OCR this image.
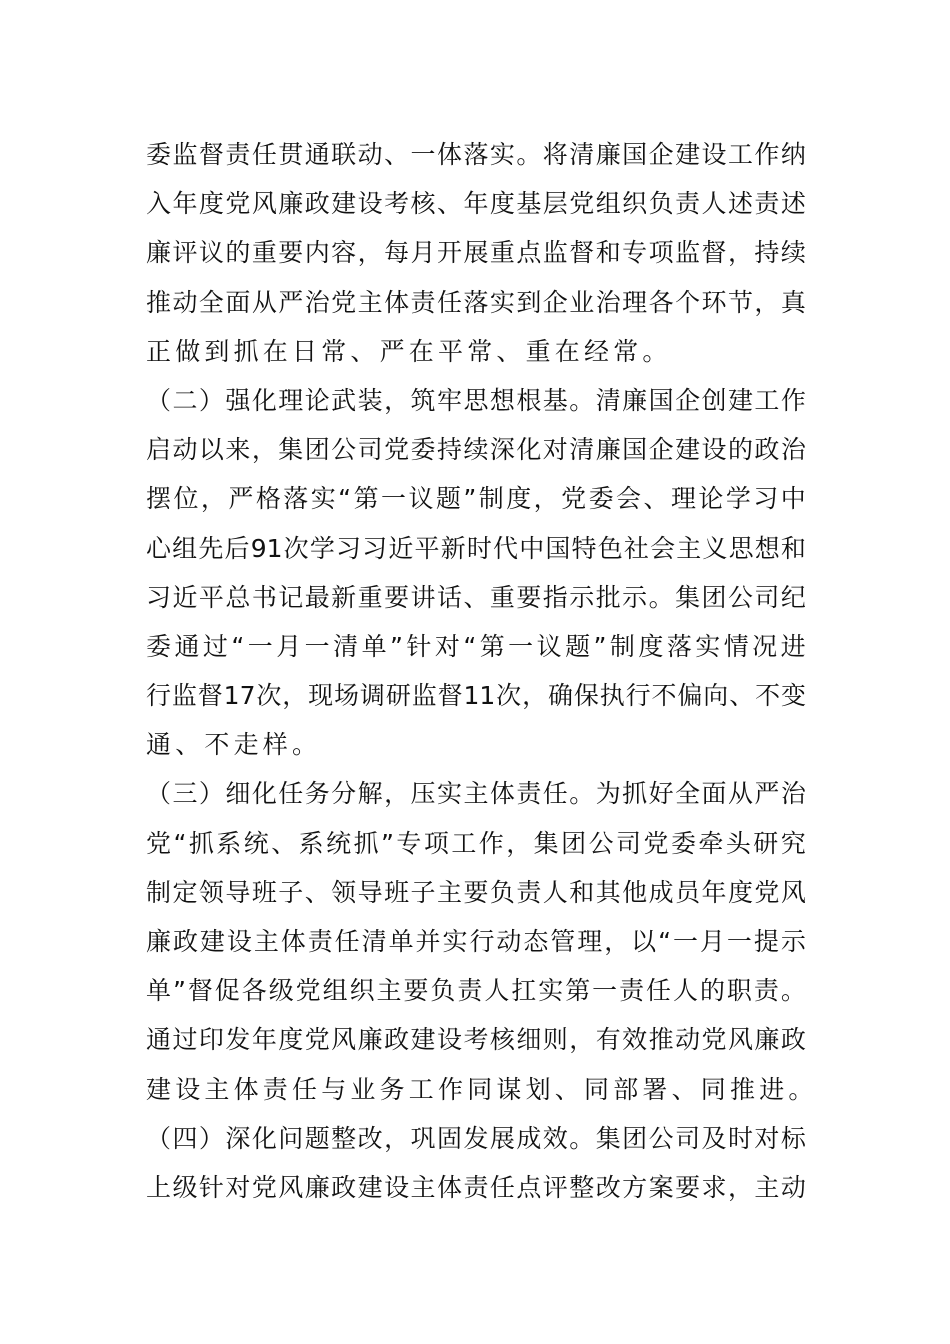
委 监 督 责 任 贯 通 联 动 、 一 体 落 实 。 将 清 廉 国 企 建 设 工 作 纳
入 年 度 党 风 廉 政 建 设 考 核 、 年 度 基 层 党 组 织 负 责 人 述 责 述
廉 评 议 的 重 要 内 容 ， 每 月 开 展 重 点 监 督 和 专 项 监 督 ， 持 续
推 动 全 面 从 严 治 党 主 体 责 任 落 实 到 企 业 治 理 各 个 环 节 ， 真
正做到抓在日常、严在平常、重在经常。
（ 二 ） 强 化 理 论 武 装 ， 筑 牢 思 想 根 基 。 清 廉 国 企 创 建 工 作
启 动 以 来 ， 集 团 公 司 党 委 持 续 深 化 对 清 廉 国 企 建 设 的 政 治
摆 位 ， 严 格 落 实 “ 第 一 议 题 ” 制 度 ， 党 委 会 、 理 论 学 习 中
心 组 先 后 91 次 学 习 习 近 平 新 时 代 中 国 特 色 社 会 主 义 思 想 和
习 近 平 总 书 记 最 新 重 要 讲 话 、 重 要 指 示 批 示 。 集 团 公 司 纪
委 通 过 “ 一 月 一 清 单 ” 针 对 “ 第 一 议 题 ” 制 度 落 实 情 况 进
行 监 督 17 次 ， 现 场 调 研 监 督 11 次 ， 确 保 执 行 不 偏 向 、 不 变
通、不走样。
（ 三 ） 细 化 任 务 分 解 ， 压 实 主 体 责 任 。 为 抓 好 全 面 从 严 治
党 “ 抓 系 统 、 系 统 抓 ” 专 项 工 作 ， 集 团 公 司 党 委 牵 头 研 究
制 定 领 导 班 子 、 领 导 班 子 主 要 负 责 人 和 其 他 成 员 年 度 党 风
廉 政 建 设 主 体 责 任 清 单 并 实 行 动 态 管 理 ， 以 “ 一 月 一 提 示
单 ” 督 促 各 级 党 组 织 主 要 负 责 人 扛 实 第 一 责 任 人 的 职 责 。
通 过 印 发 年 度 党 风 廉 政 建 设 考 核 细 则 ， 有 效 推 动 党 风 廉 政
建设主体责任与业务工作同谋划、同部署、同推进。
（ 四 ） 深 化 问 题 整 改 ， 巩 固 发 展 成 效 。 集 团 公 司 及 时 对 标
上 级 针 对 党 风 廉 政 建 设 主 体 责 任 点 评 整 改 方 案 要 求 ， 主 动
